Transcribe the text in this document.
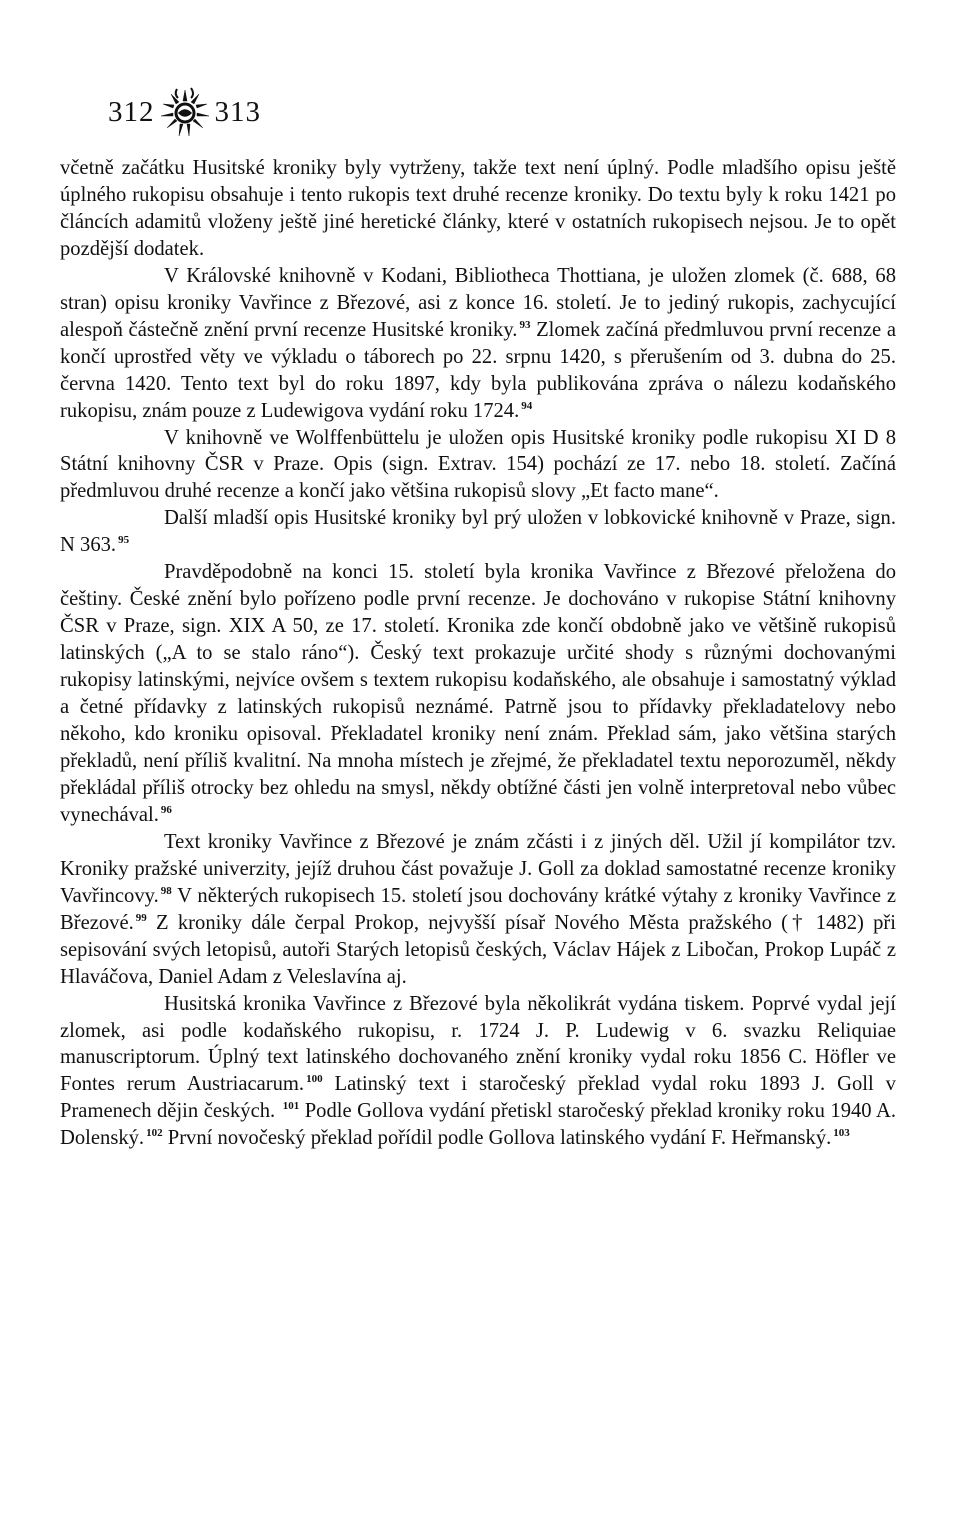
312 313

včetně začátku Husitské kroniky byly vytrženy, takže text není úplný. Podle mladšího opisu ještě úplného rukopisu obsahuje i tento rukopis text druhé recenze kroniky. Do textu byly k roku 1421 po článcích adamitů vloženy ještě jiné heretické články, které v ostatních rukopisech nejsou. Je to opět pozdější dodatek.

V Královské knihovně v Kodani, Bibliotheca Thottiana, je uložen zlomek (č. 688, 68 stran) opisu kroniky Vavřince z Březové, asi z konce 16. století. Je to jediný rukopis, zachycující alespoň částečně znění první recenze Husitské kroniky. $^{93}$ Zlomek začíná předmluvou první recenze a končí uprostřed věty ve výkladu o táborech po 22. srpnu 1420, s přerušením od 3. dubna do 25. června 1420. Tento text byl do roku 1897, kdy byla publikována zpráva o nálezu kodaňského rukopisu, znám pouze z Ludewigova vydání roku 1724. $^{94}$

V knihovně ve Wolffenbüttelu je uložen opis Husitské kroniky podle rukopisu XI D 8 Státní knihovny ČSR v Praze. Opis (sign. Extrav. 154) pochází ze 17. nebo 18. století. Začíná předmluvou druhé recenze a končí jako většina rukopisů slovy „Et facto mane“.

Další mladší opis Husitské kroniky byl prý uložen v lobkovické knihovně v Praze, sign. N 363. $^{95}$

Pravděpodobně na konci 15. století byla kronika Vavřince z Březové přeložena do češtiny. České znění bylo pořízeno podle první recenze. Je dochováno v rukopise Státní knihovny ČSR v Praze, sign. XIX A 50, ze 17. století. Kronika zde končí obdobně jako ve většině rukopisů latinských („A to se stalo ráno“). Český text prokazuje určité shody s různými dochovanými rukopisy latinskými, nejvíce ovšem s textem rukopisu kodaňského, ale obsahuje i samostatný výklad a četné přídavky z latinských rukopisů neznámé. Patrně jsou to přídavky překladatelovy nebo někoho, kdo kroniku opisoval. Překladatel kroniky není znám. Překlad sám, jako většina starých překladů, není příliš kvalitní. Na mnoha místech je zřejmé, že překladatel textu neporozuměl, někdy překládal příliš otrocky bez ohledu na smysl, někdy obtížné části jen volně interpretoval nebo vůbec vynechával. $^{96}$

Text kroniky Vavřince z Březové je znám zčásti i z jiných děl. Užil jí kompilátor tzv. Kroniky pražské univerzity, jejíž druhou část považuje J. Goll za doklad samostatné recenze kroniky Vavřincovy. $^{98}$ V některých rukopisech 15. století jsou dochovány krátké výtahy z kroniky Vavřince z Březové. $^{99}$ Z kroniky dále čerpal Prokop, nejvyšší písař Nového Města pražského († 1482) při sepisování svých letopisů, autoři Starých letopisů českých, Václav Hájek z Libočan, Prokop Lupáč z Hlaváčova, Daniel Adam z Veleslavína aj.

Husitská kronika Vavřince z Březové byla několikrát vydána tiskem. Poprvé vydal její zlomek, asi podle kodaňského rukopisu, r. 1724 J. P. Ludewig v 6. svazku Reliquiae manuscriptorum. Úplný text latinského dochovaného znění kroniky vydal roku 1856 C. Höfler ve Fontes rerum Austriacarum. $^{100}$ Latinský text i staročeský překlad vydal roku 1893 J. Goll v Pramenech dějin českých. $^{101}$ Podle Gollova vydání přetiskl staročeský překlad kroniky roku 1940 A. Dolenský. $^{102}$ První novočeský překlad pořídil podle Gollova latinského vydání F. Heřmanský. $^{103}$
